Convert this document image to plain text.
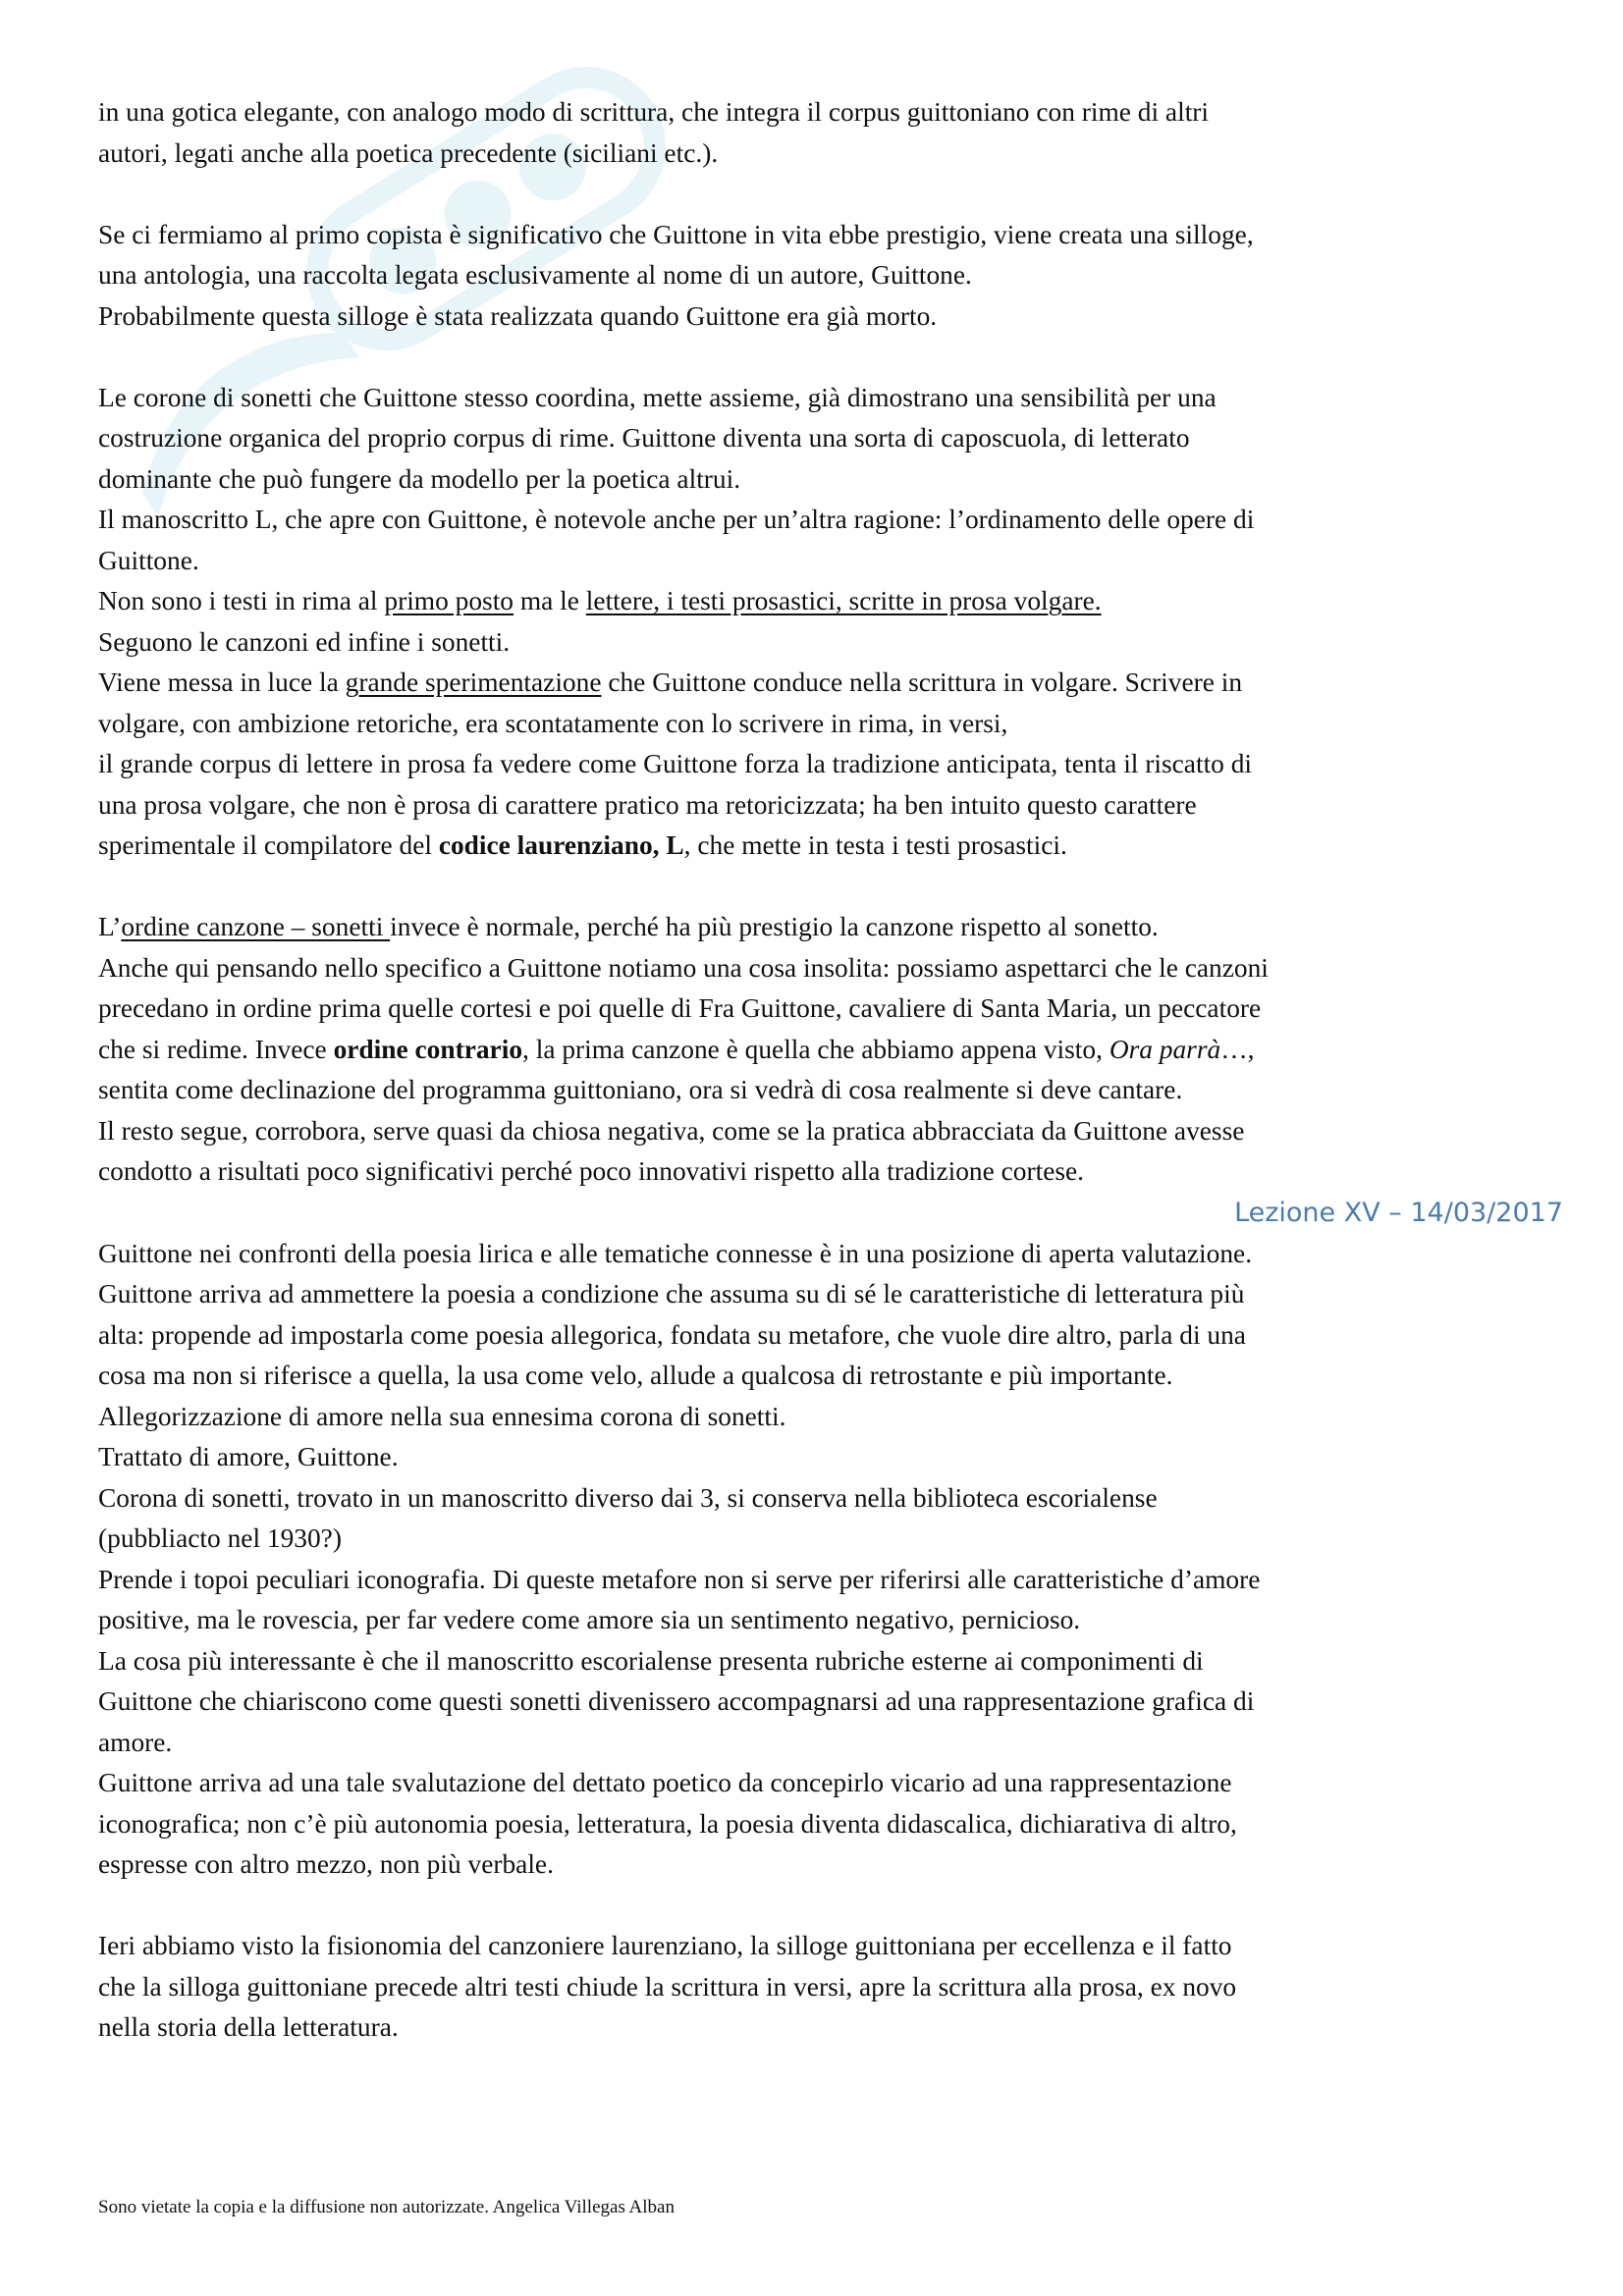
in una gotica elegante, con analogo modo di scrittura, che integra il corpus guittoniano con rime di altri

autori, legati anche alla poetica precedente (siciliani etc.).

Se ci fermiamo al primo copista è significativo che Guittone in vita ebbe prestigio, viene creata una silloge,

una antologia, una raccolta legata esclusivamente al nome di un autore, Guittone.

Probabilmente questa silloge è stata realizzata quando Guittone era già morto.

Le corone di sonetti che Guittone stesso coordina, mette assieme, già dimostrano una sensibilità per una

costruzione organica del proprio corpus di rime. Guittone diventa una sorta di caposcuola, di letterato

dominante che può fungere da modello per la poetica altrui.

Il manoscritto L, che apre con Guittone, è notevole anche per un’altra ragione: l’ordinamento delle opere di

Guittone.

Non sono i testi in rima al primo posto ma le lettere, i testi prosastici, scritte in prosa volgare.

Seguono le canzoni ed infine i sonetti.

Viene messa in luce la grande sperimentazione che Guittone conduce nella scrittura in volgare. Scrivere in

volgare, con ambizione retoriche, era scontatamente con lo scrivere in rima, in versi,

il grande corpus di lettere in prosa fa vedere come Guittone forza la tradizione anticipata, tenta il riscatto di

una prosa volgare, che non è prosa di carattere pratico ma retoricizzata; ha ben intuito questo carattere

sperimentale il compilatore del codice laurenziano, L, che mette in testa i testi prosastici.

L’ordine canzone – sonetti invece è normale, perché ha più prestigio la canzone rispetto al sonetto.

Anche qui pensando nello specifico a Guittone notiamo una cosa insolita: possiamo aspettarci che le canzoni

precedano in ordine prima quelle cortesi e poi quelle di Fra Guittone, cavaliere di Santa Maria, un peccatore

che si redime. Invece ordine contrario, la prima canzone è quella che abbiamo appena visto, Ora parrà…,

sentita come declinazione del programma guittoniano, ora si vedrà di cosa realmente si deve cantare.

Il resto segue, corrobora, serve quasi da chiosa negativa, come se la pratica abbracciata da Guittone avesse

condotto a risultati poco significativi perché poco innovativi rispetto alla tradizione cortese.

Lezione XV – 14/03/2017

Guittone nei confronti della poesia lirica e alle tematiche connesse è in una posizione di aperta valutazione.

Guittone arriva ad ammettere la poesia a condizione che assuma su di sé le caratteristiche di letteratura più

alta: propende ad impostarla come poesia allegorica, fondata su metafore, che vuole dire altro, parla di una

cosa ma non si riferisce a quella, la usa come velo, allude a qualcosa di retrostante e più importante.

Allegorizzazione di amore nella sua ennesima corona di sonetti.

Trattato di amore, Guittone.

Corona di sonetti, trovato in un manoscritto diverso dai 3, si conserva nella biblioteca escorialense

(pubbliacto nel 1930?)

Prende i topoi peculiari iconografia. Di queste metafore non si serve per riferirsi alle caratteristiche d’amore

positive, ma le rovescia, per far vedere come amore sia un sentimento negativo, pernicioso.

La cosa più interessante è che il manoscritto escorialense presenta rubriche esterne ai componimenti di

Guittone che chiariscono come questi sonetti divenissero accompagnarsi ad una rappresentazione grafica di

amore.

Guittone arriva ad una tale svalutazione del dettato poetico da concepirlo vicario ad una rappresentazione

iconografica; non c’è più autonomia poesia, letteratura, la poesia diventa didascalica, dichiarativa di altro,

espresse con altro mezzo, non più verbale.

Ieri abbiamo visto la fisionomia del canzoniere laurenziano, la silloge guittoniana per eccellenza e il fatto

che la silloga guittoniane precede altri testi chiude la scrittura in versi, apre la scrittura alla prosa, ex novo

nella storia della letteratura.

Sono vietate la copia e la diffusione non autorizzate. Angelica Villegas Alban
